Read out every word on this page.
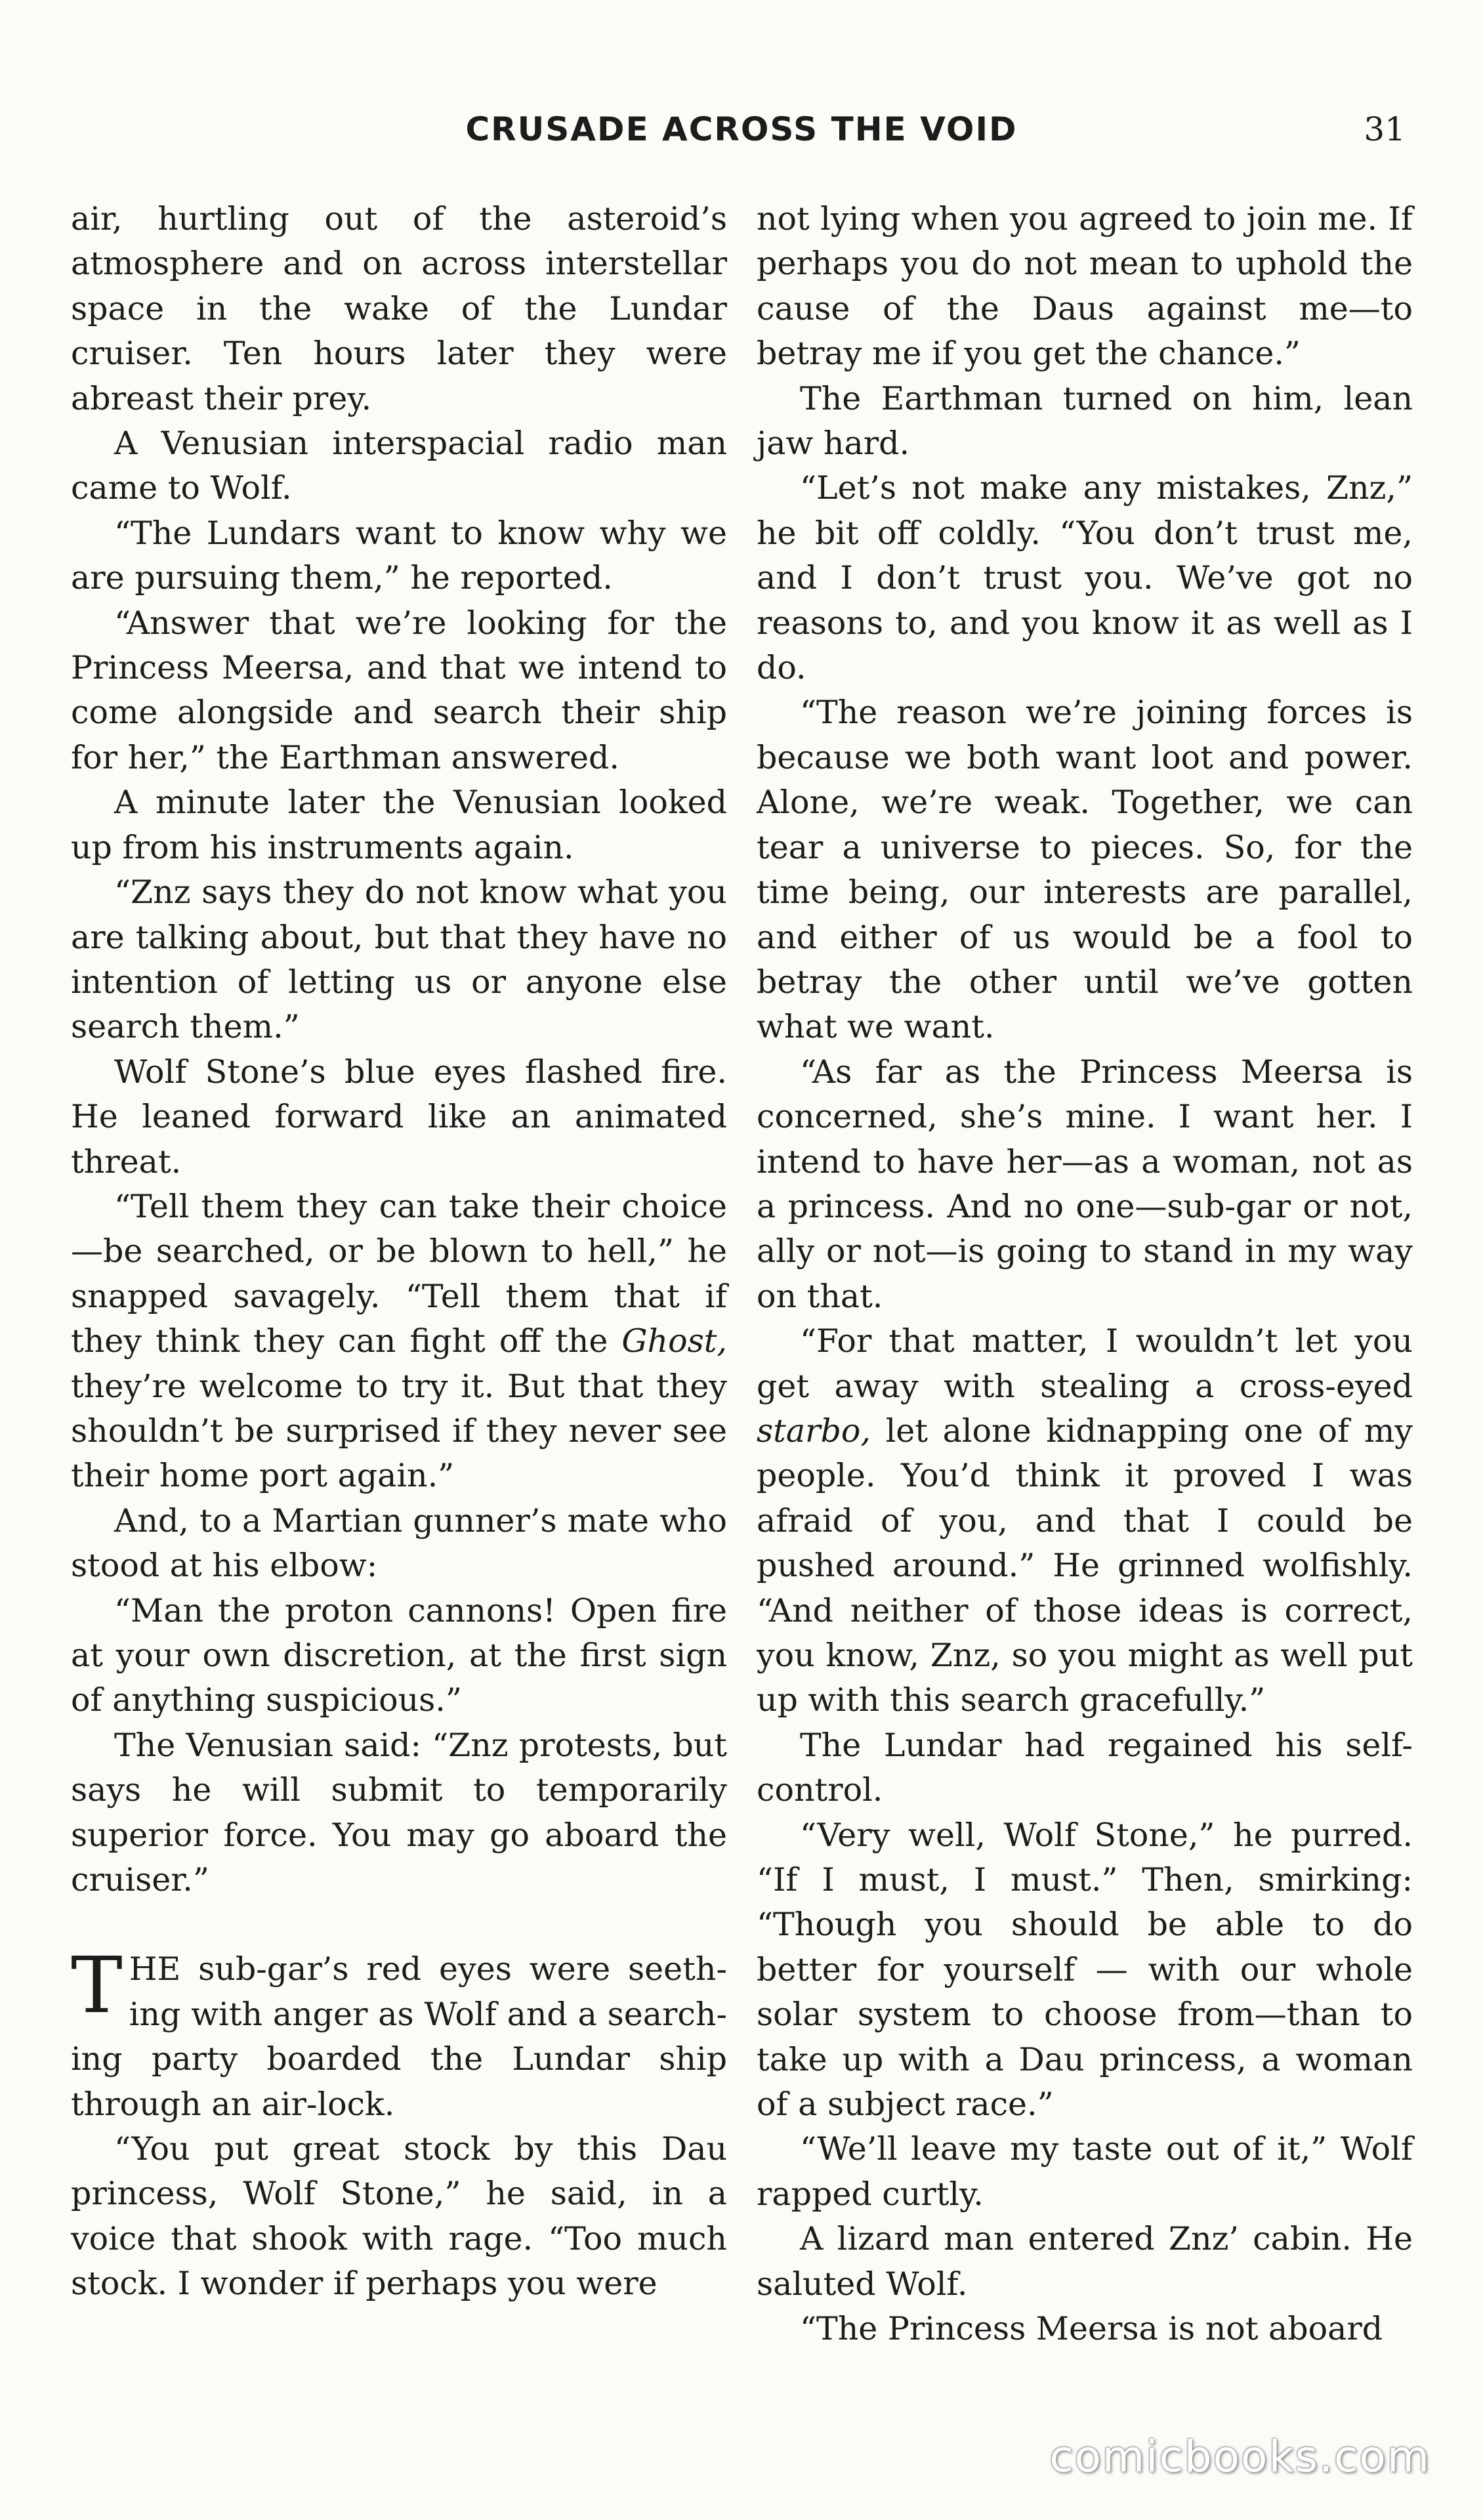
CRUSADE ACROSS THE VOID	31

air, hurtling out of the asteroid’s atmosphere and on across interstellar space in the wake of the Lundar cruiser. Ten hours later they were abreast their prey.

A Venusian interspacial radio man came to Wolf.

“The Lundars want to know why we are pursuing them,” he reported.

“Answer that we’re looking for the Princess Meersa, and that we intend to come alongside and search their ship for her,” the Earthman answered.

A minute later the Venusian looked up from his instruments again.

“Znz says they do not know what you are talking about, but that they have no intention of letting us or anyone else search them.”

Wolf Stone’s blue eyes flashed fire. He leaned forward like an animated threat.

“Tell them they can take their choice—be searched, or be blown to hell,” he snapped savagely. “Tell them that if they think they can fight off the Ghost, they’re welcome to try it. But that they shouldn’t be surprised if they never see their home port again.”

And, to a Martian gunner’s mate who stood at his elbow:

“Man the proton cannons! Open fire at your own discretion, at the first sign of anything suspicious.”

The Venusian said: “Znz protests, but says he will submit to temporarily superior force. You may go aboard the cruiser.”

THE sub-gar’s red eyes were seething with anger as Wolf and a searching party boarded the Lundar ship through an air-lock.

“You put great stock by this Dau princess, Wolf Stone,” he said, in a voice that shook with rage. “Too much stock. I wonder if perhaps you were

not lying when you agreed to join me. If perhaps you do not mean to uphold the cause of the Daus against me—to betray me if you get the chance.”

The Earthman turned on him, lean jaw hard.

“Let’s not make any mistakes, Znz,” he bit off coldly. “You don’t trust me, and I don’t trust you. We’ve got no reasons to, and you know it as well as I do.

“The reason we’re joining forces is because we both want loot and power. Alone, we’re weak. Together, we can tear a universe to pieces. So, for the time being, our interests are parallel, and either of us would be a fool to betray the other until we’ve gotten what we want.

“As far as the Princess Meersa is concerned, she’s mine. I want her. I intend to have her—as a woman, not as a princess. And no one—sub-gar or not, ally or not—is going to stand in my way on that.

“For that matter, I wouldn’t let you get away with stealing a cross-eyed starbo, let alone kidnapping one of my people. You’d think it proved I was afraid of you, and that I could be pushed around.” He grinned wolfishly. “And neither of those ideas is correct, you know, Znz, so you might as well put up with this search gracefully.”

The Lundar had regained his self-control.

“Very well, Wolf Stone,” he purred. “If I must, I must.” Then, smirking: “Though you should be able to do better for yourself — with our whole solar system to choose from—than to take up with a Dau princess, a woman of a subject race.”

“We’ll leave my taste out of it,” Wolf rapped curtly.

A lizard man entered Znz’ cabin. He saluted Wolf.

“The Princess Meersa is not aboard

comicbooks.com
